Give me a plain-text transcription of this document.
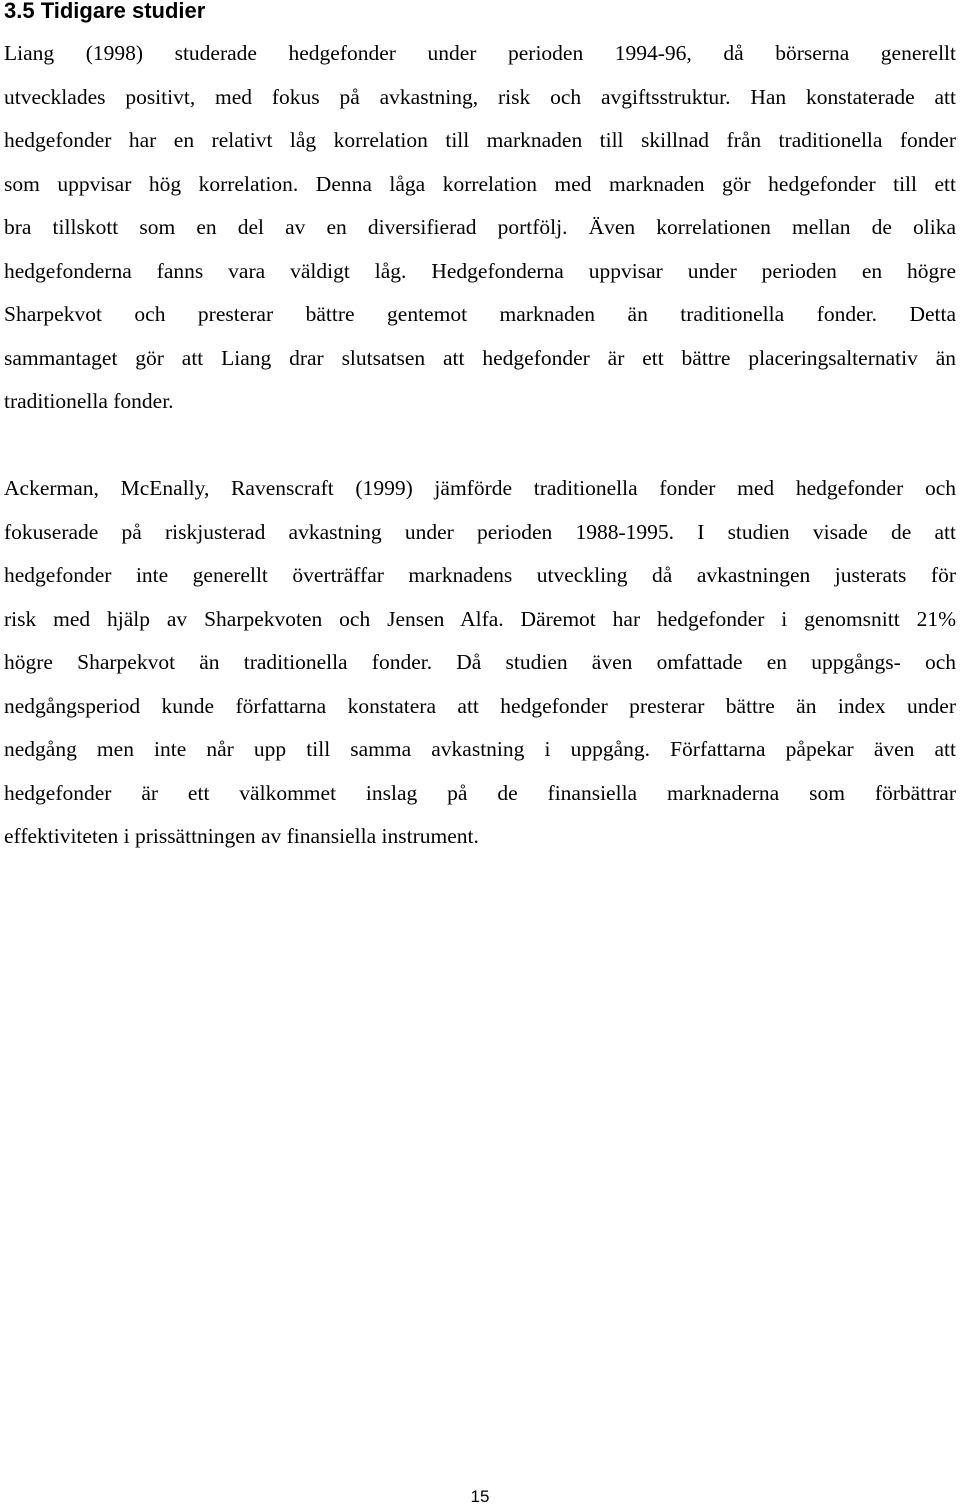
3.5 Tidigare studier
Liang (1998) studerade hedgefonder under perioden 1994-96, då börserna generellt
utvecklades positivt, med fokus på avkastning, risk och avgiftsstruktur. Han konstaterade att
hedgefonder har en relativt låg korrelation till marknaden till skillnad från traditionella fonder
som uppvisar hög korrelation. Denna låga korrelation med marknaden gör hedgefonder till ett
bra tillskott som en del av en diversifierad portfölj. Även korrelationen mellan de olika
hedgefonderna fanns vara väldigt låg. Hedgefonderna uppvisar under perioden en högre
Sharpekvot och presterar bättre gentemot marknaden än traditionella fonder. Detta
sammantaget gör att Liang drar slutsatsen att hedgefonder är ett bättre placeringsalternativ än
traditionella fonder.
Ackerman, McEnally, Ravenscraft (1999) jämförde traditionella fonder med hedgefonder och
fokuserade på riskjusterad avkastning under perioden 1988-1995. I studien visade de att
hedgefonder inte generellt överträffar marknadens utveckling då avkastningen justerats för
risk med hjälp av Sharpekvoten och Jensen Alfa. Däremot har hedgefonder i genomsnitt 21%
högre Sharpekvot än traditionella fonder. Då studien även omfattade en uppgångs- och
nedgångsperiod kunde författarna konstatera att hedgefonder presterar bättre än index under
nedgång men inte når upp till samma avkastning i uppgång. Författarna påpekar även att
hedgefonder är ett välkommet inslag på de finansiella marknaderna som förbättrar
effektiviteten i prissättningen av finansiella instrument.
15
